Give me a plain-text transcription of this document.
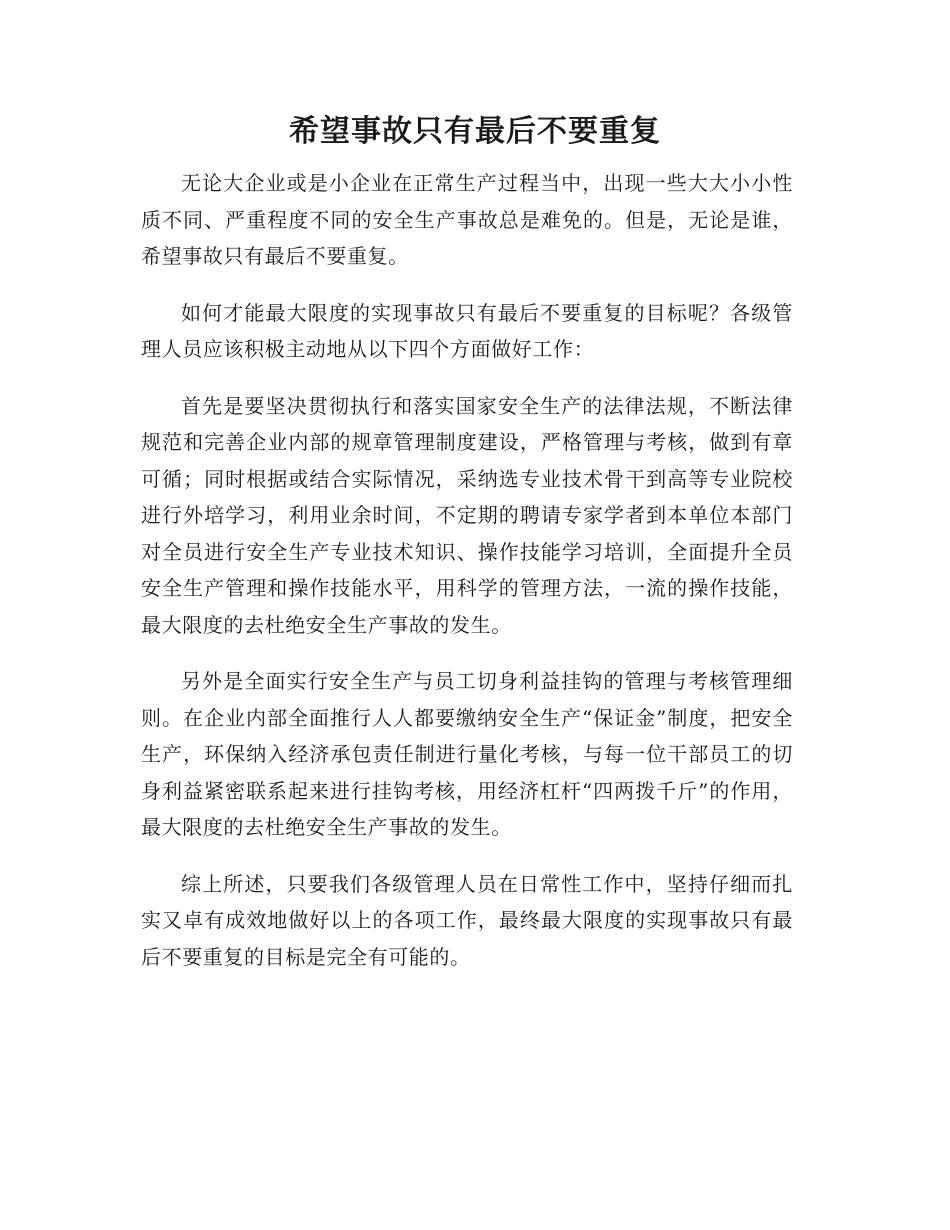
希望事故只有最后不要重复

无论大企业或是小企业在正常生产过程当中，出现一些大大小小性质不同、严重程度不同的安全生产事故总是难免的。但是，无论是谁，希望事故只有最后不要重复。

如何才能最大限度的实现事故只有最后不要重复的目标呢？各级管理人员应该积极主动地从以下四个方面做好工作：

首先是要坚决贯彻执行和落实国家安全生产的法律法规，不断法律规范和完善企业内部的规章管理制度建设，严格管理与考核，做到有章可循；同时根据或结合实际情况，采纳选专业技术骨干到高等专业院校进行外培学习，利用业余时间，不定期的聘请专家学者到本单位本部门对全员进行安全生产专业技术知识、操作技能学习培训，全面提升全员安全生产管理和操作技能水平，用科学的管理方法，一流的操作技能，最大限度的去杜绝安全生产事故的发生。

另外是全面实行安全生产与员工切身利益挂钩的管理与考核管理细则。在企业内部全面推行人人都要缴纳安全生产“保证金”制度，把安全生产，环保纳入经济承包责任制进行量化考核，与每一位干部员工的切身利益紧密联系起来进行挂钩考核，用经济杠杆“四两拨千斤”的作用，最大限度的去杜绝安全生产事故的发生。

综上所述，只要我们各级管理人员在日常性工作中，坚持仔细而扎实又卓有成效地做好以上的各项工作，最终最大限度的实现事故只有最后不要重复的目标是完全有可能的。
